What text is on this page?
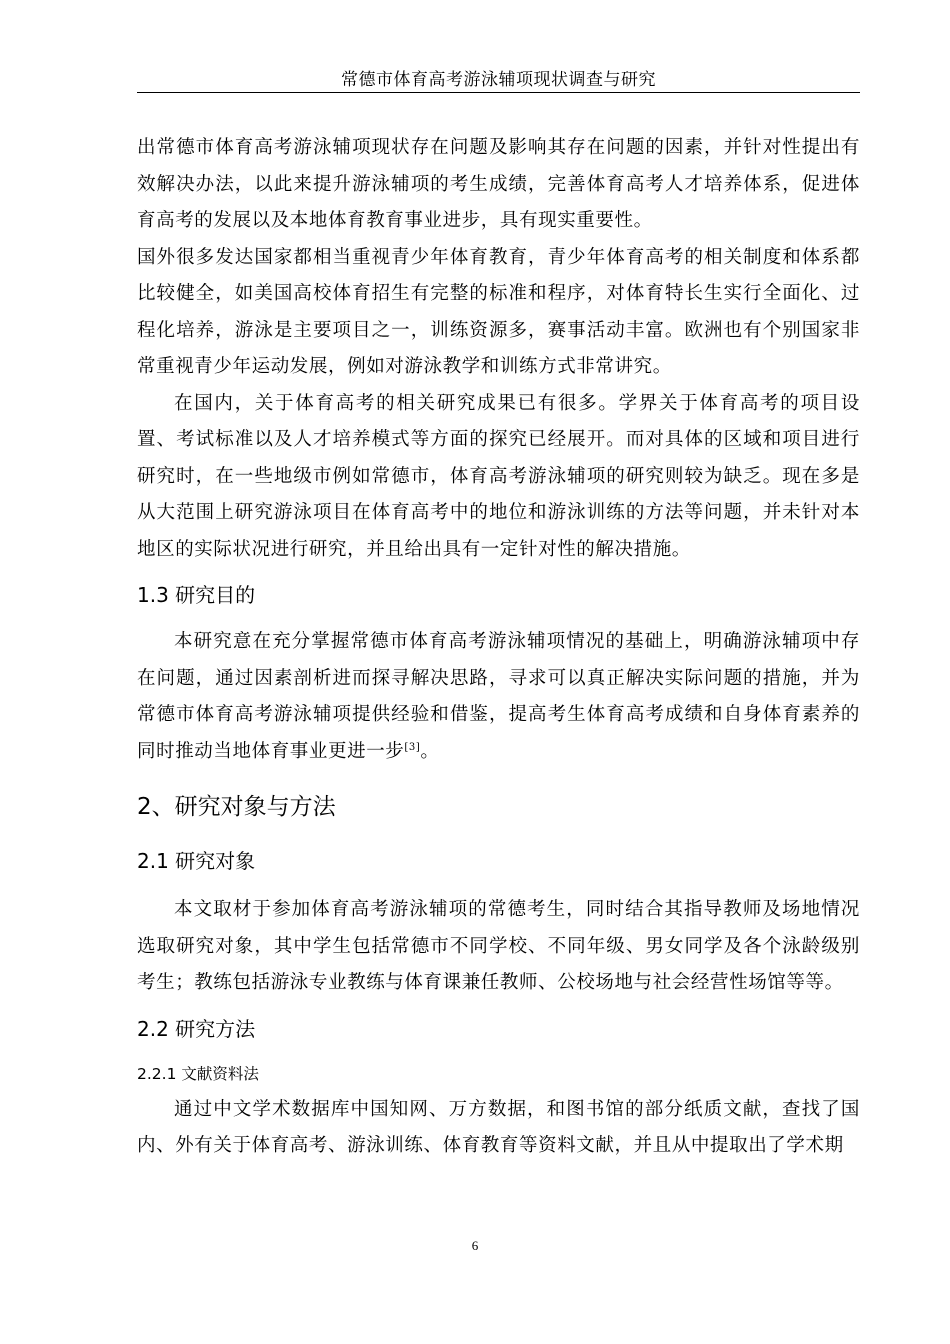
常德市体育高考游泳辅项现状调查与研究

出常德市体育高考游泳辅项现状存在问题及影响其存在问题的因素，并针对性提出有效解决办法，以此来提升游泳辅项的考生成绩，完善体育高考人才培养体系，促进体育高考的发展以及本地体育教育事业进步，具有现实重要性。

国外很多发达国家都相当重视青少年体育教育，青少年体育高考的相关制度和体系都比较健全，如美国高校体育招生有完整的标准和程序，对体育特长生实行全面化、过程化培养，游泳是主要项目之一，训练资源多，赛事活动丰富。欧洲也有个别国家非常重视青少年运动发展，例如对游泳教学和训练方式非常讲究。

在国内，关于体育高考的相关研究成果已有很多。学界关于体育高考的项目设置、考试标准以及人才培养模式等方面的探究已经展开。而对具体的区域和项目进行研究时，在一些地级市例如常德市，体育高考游泳辅项的研究则较为缺乏。现在多是从大范围上研究游泳项目在体育高考中的地位和游泳训练的方法等问题，并未针对本地区的实际状况进行研究，并且给出具有一定针对性的解决措施。

1.3 研究目的

本研究意在充分掌握常德市体育高考游泳辅项情况的基础上，明确游泳辅项中存在问题，通过因素剖析进而探寻解决思路，寻求可以真正解决实际问题的措施，并为常德市体育高考游泳辅项提供经验和借鉴，提高考生体育高考成绩和自身体育素养的同时推动当地体育事业更进一步[3]。

2、研究对象与方法
2.1 研究对象

本文取材于参加体育高考游泳辅项的常德考生，同时结合其指导教师及场地情况选取研究对象，其中学生包括常德市不同学校、不同年级、男女同学及各个泳龄级别考生；教练包括游泳专业教练与体育课兼任教师、公校场地与社会经营性场馆等等。

2.2 研究方法
2.2.1 文献资料法

通过中文学术数据库中国知网、万方数据，和图书馆的部分纸质文献，查找了国内、外有关于体育高考、游泳训练、体育教育等资料文献，并且从中提取出了学术期

6
